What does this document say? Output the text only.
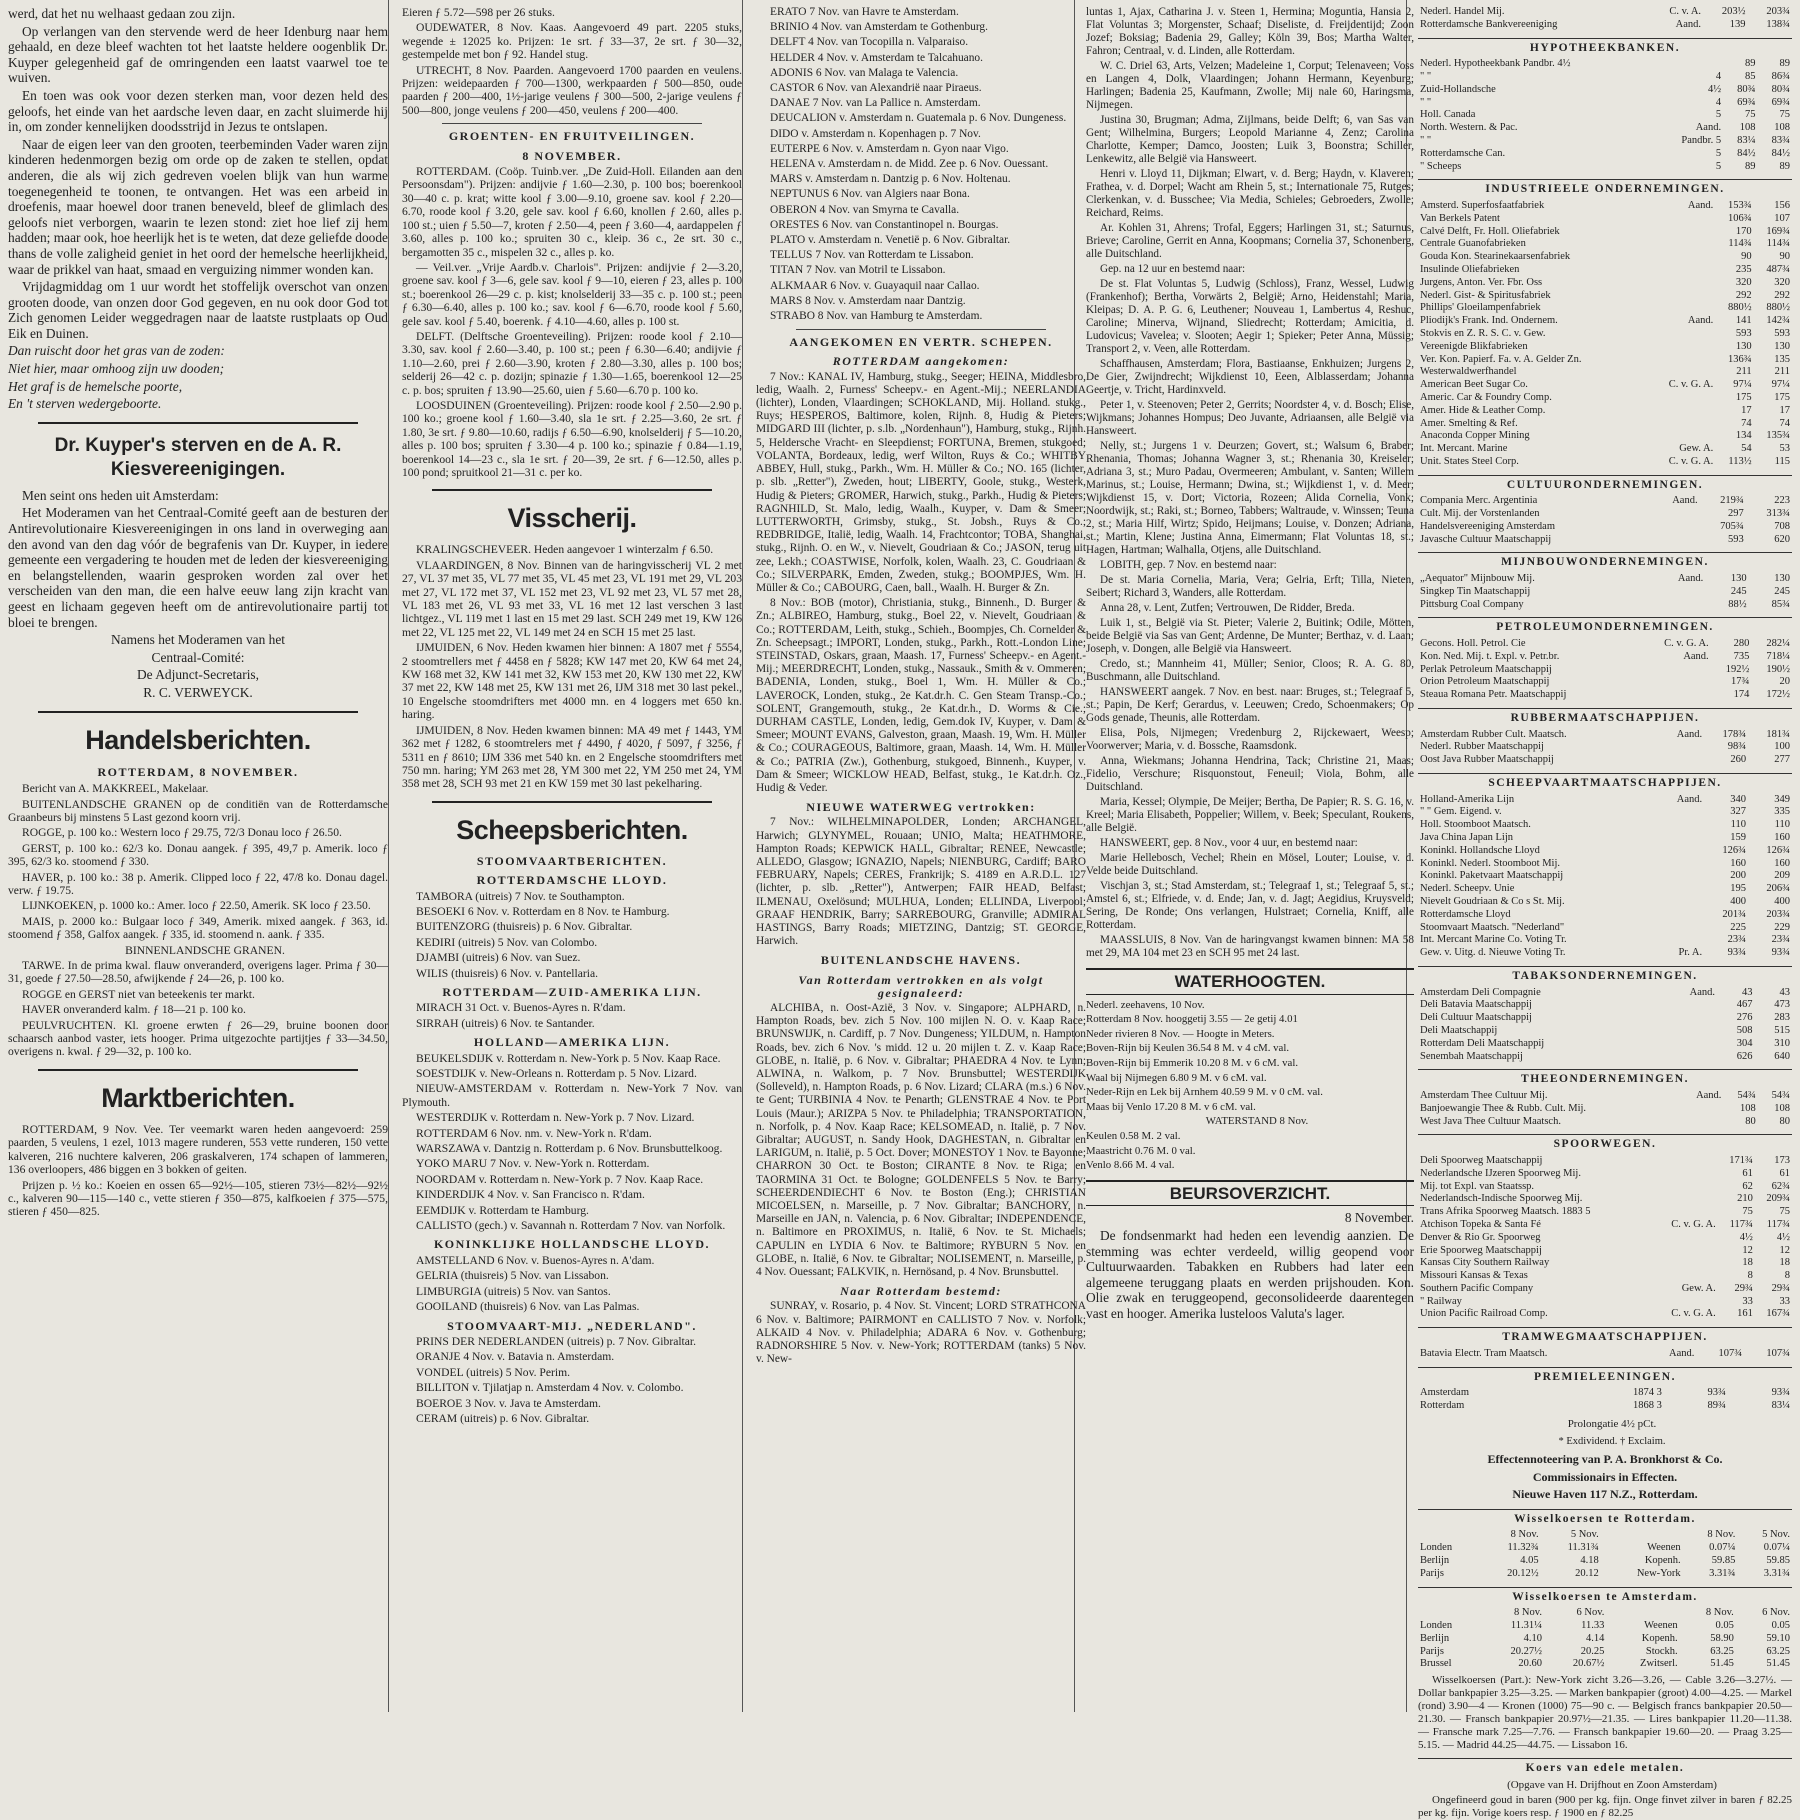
werd, dat het nu welhaast gedaan zou zijn.

Op verlangen van den stervende werd de heer Idenburg naar hem gehaald, en deze bleef wachten tot het laatste heldere oogenblik Dr. Kuyper gelegenheid gaf de omringenden een laatst vaarwel toe te wuiven.

En toen was ook voor dezen sterken man, voor dezen held des geloofs, het einde van het aardsche leven daar, en zacht sluimerde hij in, om zonder kennelijken doodsstrijd in Jezus te ontslapen.

Naar de eigen leer van den grooten, teerbeminden Vader waren zijn kinderen hedenmorgen bezig om orde op de zaken te stellen, opdat anderen, die als wij zich gedreven voelen blijk van hun warme toegenegenheid te toonen, te ontvangen. Het was een arbeid in droefenis, maar hoewel door tranen beneveld, bleef de glimlach des geloofs niet verborgen, waarin te lezen stond: ziet hoe lief zij hem hadden; maar ook, hoe heerlijk het is te weten, dat deze geliefde doode thans de volle zaligheid geniet in het oord der hemelsche heerlijkheid, waar de prikkel van haat, smaad en verguizing nimmer wonden kan.

Vrijdagmiddag om 1 uur wordt het stoffelijk overschot van onzen grooten doode, van onzen door God gegeven, en nu ook door God tot Zich genomen Leider weggedragen naar de laatste rustplaats op Oud Eik en Duinen.

Dan ruischt door het gras van de zoden:

Niet hier, maar omhoog zijn uw dooden;

Het graf is de hemelsche poorte,

En 't sterven wedergeboorte.

Dr. Kuyper's sterven en de A. R. Kiesvereenigingen.

Men seint ons heden uit Amsterdam:

Het Moderamen van het Centraal-Comité geeft aan de besturen der Antirevolutionaire Kiesvereenigingen in ons land in overweging aan den avond van den dag vóór de begrafenis van Dr. Kuyper, in iedere gemeente een vergadering te houden met de leden der kiesvereeniging en belangstellenden, waarin gesproken worden zal over het verscheiden van den man, die een halve eeuw lang zijn kracht van geest en lichaam gegeven heeft om de antirevolutionaire partij tot bloei te brengen.

Namens het Moderamen van het

Centraal-Comité:

De Adjunct-Secretaris,

R. C. VERWEYCK.

Handelsberichten.
ROTTERDAM, 8 NOVEMBER.

Bericht van A. MAKKREEL, Makelaar.

BUITENLANDSCHE GRANEN op de conditiën van de Rotterdamsche Graanbeurs bij minstens 5 Last gezond koorn vrij.

ROGGE, p. 100 ko.: Western loco ƒ 29.75, 72/3 Donau loco ƒ 26.50.

GERST, p. 100 ko.: 62/3 ko. Donau aangek. ƒ 395, 49,7 p. Amerik. loco ƒ 395, 62/3 ko. stoomend ƒ 330.

HAVER, p. 100 ko.: 38 p. Amerik. Clipped loco ƒ 22, 47/8 ko. Donau dagel. verw. ƒ 19.75.

LIJNKOEKEN, p. 1000 ko.: Amer. loco ƒ 22.50, Amerik. SK loco ƒ 23.50.

MAIS, p. 2000 ko.: Bulgaar loco ƒ 349, Amerik. mixed aangek. ƒ 363, id. stoomend ƒ 358, Galfox aangek. ƒ 335, id. stoomend n. aank. ƒ 335.

BINNENLANDSCHE GRANEN.

TARWE. In de prima kwal. flauw onveranderd, overigens lager. Prima ƒ 30—31, goede ƒ 27.50—28.50, afwijkende ƒ 24—26, p. 100 ko.

ROGGE en GERST niet van beteekenis ter markt.

HAVER onveranderd kalm. ƒ 18—21 p. 100 ko.

PEULVRUCHTEN. Kl. groene erwten ƒ 26—29, bruine boonen door schaarsch aanbod vaster, iets hooger. Prima uitgezochte partijtjes ƒ 33—34.50, overigens n. kwal. ƒ 29—32, p. 100 ko.

Marktberichten.

ROTTERDAM, 9 Nov. Vee. Ter veemarkt waren heden aangevoerd: 259 paarden, 5 veulens, 1 ezel, 1013 magere runderen, 553 vette runderen, 150 vette kalveren, 216 nuchtere kalveren, 206 graskalveren, 174 schapen of lammeren, 136 overloopers, 486 biggen en 3 bokken of geiten.

Prijzen p. ½ ko.: Koeien en ossen 65—92½—105, stieren 73½—82½—92½ c., kalveren 90—115—140 c., vette stieren ƒ 350—875, kalfkoeien ƒ 375—575, stieren ƒ 450—825.

Eieren ƒ 5.72—598 per 26 stuks.

OUDEWATER, 8 Nov. Kaas. Aangevoerd 49 part. 2205 stuks, wegende ± 12025 ko. Prijzen: 1e srt. ƒ 33—37, 2e srt. ƒ 30—32, gestempelde met bon ƒ 92. Handel stug.

UTRECHT, 8 Nov. Paarden. Aangevoerd 1700 paarden en veulens. Prijzen: weidepaarden ƒ 700—1300, werkpaarden ƒ 500—850, oude paarden ƒ 200—400, 1½-jarige veulens ƒ 300—500, 2-jarige veulens ƒ 500—800, jonge veulens ƒ 200—450, veulens ƒ 200—400.

GROENTEN- EN FRUITVEILINGEN.
8 NOVEMBER.

ROTTERDAM. (Coöp. Tuinb.ver. „De Zuid-Holl. Eilanden aan den Persoonsdam"). Prijzen: andijvie ƒ 1.60—2.30, p. 100 bos; boerenkool 30—40 c. p. krat; witte kool ƒ 3.00—9.10, groene sav. kool ƒ 2.20—6.70, roode kool ƒ 3.20, gele sav. kool ƒ 6.60, knollen ƒ 2.60, alles p. 100 st.; uien ƒ 5.50—7, kroten ƒ 2.50—4, peen ƒ 3.60—4, aardappelen ƒ 3.60, alles p. 100 ko.; spruiten 30 c., kleip. 36 c., 2e srt. 30 c., bergamotten 35 c., mispelen 32 c., alles p. ko.

— Veil.ver. „Vrije Aardb.v. Charlois". Prijzen: andijvie ƒ 2—3.20, groene sav. kool ƒ 3—6, gele sav. kool ƒ 9—10, eieren ƒ 23, alles p. 100 st.; boerenkool 26—29 c. p. kist; knolselderij 33—35 c. p. 100 st.; peen ƒ 6.30—6.40, alles p. 100 ko.; sav. kool ƒ 6—6.70, roode kool ƒ 5.60, gele sav. kool ƒ 5.40, boerenk. ƒ 4.10—4.60, alles p. 100 st.

DELFT. (Delftsche Groenteveiling). Prijzen: roode kool ƒ 2.10—3.30, sav. kool ƒ 2.60—3.40, p. 100 st.; peen ƒ 6.30—6.40; andijvie ƒ 1.10—2.60, prei ƒ 2.60—3.90, kroten ƒ 2.80—3.30, alles p. 100 bos; selderij 26—42 c. p. dozijn; spinazie ƒ 1.30—1.65, boerenkool 12—25 c. p. bos; spruiten ƒ 13.90—25.60, uien ƒ 5.60—6.70 p. 100 ko.

LOOSDUINEN (Groenteveiling). Prijzen: roode kool ƒ 2.50—2.90 p. 100 ko.; groene kool ƒ 1.60—3.40, sla 1e srt. ƒ 2.25—3.60, 2e srt. ƒ 1.80, 3e srt. ƒ 9.80—10.60, radijs ƒ 6.50—6.90, knolselderij ƒ 5—10.20, alles p. 100 bos; spruiten ƒ 3.30—4 p. 100 ko.; spinazie ƒ 0.84—1.19, boerenkool 14—23 c., sla 1e srt. ƒ 20—39, 2e srt. ƒ 6—12.50, alles p. 100 pond; spruitkool 21—31 c. per ko.

Visscherij.

KRALINGSCHEVEER. Heden aangevoer 1 winterzalm ƒ 6.50.

VLAARDINGEN, 8 Nov. Binnen van de haringvisscherij VL 2 met 27, VL 37 met 35, VL 77 met 35, VL 45 met 23, VL 191 met 29, VL 203 met 27, VL 172 met 37, VL 152 met 23, VL 92 met 23, VL 57 met 28, VL 183 met 26, VL 93 met 33, VL 16 met 12 last verschen 3 last lichtgez., VL 119 met 1 last en 15 met 29 last. SCH 249 met 19, KW 126 met 22, VL 125 met 22, VL 149 met 24 en SCH 15 met 25 last.

IJMUIDEN, 6 Nov. Heden kwamen hier binnen: A 1807 met ƒ 5554, 2 stoomtrellers met ƒ 4458 en ƒ 5828; KW 147 met 20, KW 64 met 24, KW 168 met 32, KW 141 met 32, KW 153 met 20, KW 130 met 22, KW 37 met 22, KW 148 met 25, KW 131 met 26, IJM 318 met 30 last pekel., 10 Engelsche stoomdrifters met 4000 mn. en 4 loggers met 650 kn. haring.

IJMUIDEN, 8 Nov. Heden kwamen binnen: MA 49 met ƒ 1443, YM 362 met ƒ 1282, 6 stoomtrelers met ƒ 4490, ƒ 4020, ƒ 5097, ƒ 3256, ƒ 5311 en ƒ 8610; IJM 336 met 540 kn. en 2 Engelsche stoomdrifters met 750 mn. haring; YM 263 met 28, YM 300 met 22, YM 250 met 24, YM 358 met 28, SCH 93 met 21 en KW 159 met 30 last pekelharing.

Scheepsberichten.
STOOMVAARTBERICHTEN.
ROTTERDAMSCHE LLOYD.

TAMBORA (uitreis) 7 Nov. te Southampton.

BESOEKI 6 Nov. v. Rotterdam en 8 Nov. te Hamburg.

BUITENZORG (thuisreis) p. 6 Nov. Gibraltar.

KEDIRI (uitreis) 5 Nov. van Colombo.

DJAMBI (uitreis) 6 Nov. van Suez.

WILIS (thuisreis) 6 Nov. v. Pantellaria.

ROTTERDAM—ZUID-AMERIKA LIJN.

MIRACH 31 Oct. v. Buenos-Ayres n. R'dam.

SIRRAH (uitreis) 6 Nov. te Santander.

HOLLAND—AMERIKA LIJN.

BEUKELSDIJK v. Rotterdam n. New-York p. 5 Nov. Kaap Race.

SOESTDIJK v. New-Orleans n. Rotterdam p. 5 Nov. Lizard.

NIEUW-AMSTERDAM v. Rotterdam n. New-York 7 Nov. van Plymouth.

WESTERDIJK v. Rotterdam n. New-York p. 7 Nov. Lizard.

ROTTERDAM 6 Nov. nm. v. New-York n. R'dam.

WARSZAWA v. Dantzig n. Rotterdam p. 6 Nov. Brunsbuttelkoog.

YOKO MARU 7 Nov. v. New-York n. Rotterdam.

NOORDAM v. Rotterdam n. New-York p. 7 Nov. Kaap Race.

KINDERDIJK 4 Nov. v. San Francisco n. R'dam.

EEMDIJK v. Rotterdam te Hamburg.

CALLISTO (gech.) v. Savannah n. Rotterdam 7 Nov. van Norfolk.

KONINKLIJKE HOLLANDSCHE LLOYD.

AMSTELLAND 6 Nov. v. Buenos-Ayres n. A'dam.

GELRIA (thuisreis) 5 Nov. van Lissabon.

LIMBURGIA (uitreis) 5 Nov. van Santos.

GOOILAND (thuisreis) 6 Nov. van Las Palmas.

STOOMVAART-MIJ. „NEDERLAND".

PRINS DER NEDERLANDEN (uitreis) p. 7 Nov. Gibraltar.

ORANJE 4 Nov. v. Batavia n. Amsterdam.

VONDEL (uitreis) 5 Nov. Perim.

BILLITON v. Tjilatjap n. Amsterdam 4 Nov. v. Colombo.

BOEROE 3 Nov. v. Java te Amsterdam.

CERAM (uitreis) p. 6 Nov. Gibraltar.

ERATO 7 Nov. van Havre te Amsterdam.

BRINIO 4 Nov. van Amsterdam te Gothenburg.

DELFT 4 Nov. van Tocopilla n. Valparaiso.

HELDER 4 Nov. v. Amsterdam te Talcahuano.

ADONIS 6 Nov. van Malaga te Valencia.

CASTOR 6 Nov. van Alexandrië naar Piraeus.

DANAE 7 Nov. van La Pallice n. Amsterdam.

DEUCALION v. Amsterdam n. Guatemala p. 6 Nov. Dungeness.

DIDO v. Amsterdam n. Kopenhagen p. 7 Nov.

EUTERPE 6 Nov. v. Amsterdam n. Gyon naar Vigo.

HELENA v. Amsterdam n. de Midd. Zee p. 6 Nov. Ouessant.

MARS v. Amsterdam n. Dantzig p. 6 Nov. Holtenau.

NEPTUNUS 6 Nov. van Algiers naar Bona.

OBERON 4 Nov. van Smyrna te Cavalla.

ORESTES 6 Nov. van Constantinopel n. Bourgas.

PLATO v. Amsterdam n. Venetië p. 6 Nov. Gibraltar.

TELLUS 7 Nov. van Rotterdam te Lissabon.

TITAN 7 Nov. van Motril te Lissabon.

ALKMAAR 6 Nov. v. Guayaquil naar Callao.

MARS 8 Nov. v. Amsterdam naar Dantzig.

STRABO 8 Nov. van Hamburg te Amsterdam.

AANGEKOMEN EN VERTR. SCHEPEN.
ROTTERDAM aangekomen:

7 Nov.: KANAL IV, Hamburg, stukg., Seeger; HEINA, Middlesbro, ledig, Waalh. 2, Furness' Scheepv.- en Agent.-Mij.; NEERLANDIA (lichter), Londen, Vlaardingen; SCHOKLAND, Mij. Holland. stukg., Ruys; HESPEROS, Baltimore, kolen, Rijnh. 8, Hudig & Pieters; MIDGARD III (lichter, p. s.lb. „Nordenhaun"), Hamburg, stukg., Rijnh. 5, Heldersche Vracht- en Sleepdienst; FORTUNA, Bremen, stukgoed; VOLANTA, Bordeaux, ledig, werf Wilton, Ruys & Co.; WHITBY ABBEY, Hull, stukg., Parkh., Wm. H. Müller & Co.; NO. 165 (lichter, p. slb. „Retter"), Zweden, hout; LIBERTY, Goole, stukg., Westerk, Hudig & Pieters; GROMER, Harwich, stukg., Parkh., Hudig & Pieters; RAGNHILD, St. Malo, ledig, Waalh., Kuyper, v. Dam & Smeer; LUTTERWORTH, Grimsby, stukg., St. Jobsh., Ruys & Co.; REDBRIDGE, Italië, ledig, Waalh. 14, Frachtcontor; TOBA, Shanghai, stukg., Rijnh. O. en W., v. Nievelt, Goudriaan & Co.; JASON, terug uit zee, Lekh.; COASTWISE, Norfolk, kolen, Waalh. 23, C. Goudriaan & Co.; SILVERPARK, Emden, Zweden, stukg.; BOOMPJES, Wm. H. Müller & Co.; CABOURG, Caen, ball., Waalh. H. Burger & Zn.

8 Nov.: BOB (motor), Christiania, stukg., Binnenh., D. Burger & Zn.; ALBIREO, Hamburg, stukg., Boel 22, v. Nievelt, Goudriaan & Co.; ROTTERDAM, Leith, stukg., Schieh., Boompjes, Ch. Cornelder & Zn. Scheepsagt.; IMPORT, Londen, stukg., Parkh., Rott.-London Line; STEINSTAD, Oskars, graan, Maash. 17, Furness' Scheepv.- en Agent.-Mij.; MEERDRECHT, Londen, stukg., Nassauk., Smith & v. Ommeren; BADENIA, Londen, stukg., Boel 1, Wm. H. Müller & Co.; LAVEROCK, Londen, stukg., 2e Kat.dr.h. C. Gen Steam Transp.-Co.; SOLENT, Grangemouth, stukg., 2e Kat.dr.h., D. Worms & Cie.; DURHAM CASTLE, Londen, ledig, Gem.dok IV, Kuyper, v. Dam & Smeer; MOUNT EVANS, Galveston, graan, Maash. 19, Wm. H. Müller & Co.; COURAGEOUS, Baltimore, graan, Maash. 14, Wm. H. Müller & Co.; PATRIA (Zw.), Gothenburg, stukgoed, Binnenh., Kuyper, v. Dam & Smeer; WICKLOW HEAD, Belfast, stukg., 1e Kat.dr.h. Oz., Hudig & Veder.

NIEUWE WATERWEG vertrokken:

7 Nov.: WILHELMINAPOLDER, Londen; ARCHANGEL, Harwich; GLYNYMEL, Rouaan; UNIO, Malta; HEATHMORE, Hampton Roads; KEPWICK HALL, Gibraltar; RENEE, Newcastle; ALLEDO, Glasgow; IGNAZIO, Napels; NIENBURG, Cardiff; BARO FEBRUARY, Napels; CERES, Frankrijk; S. 4189 en A.R.D.L. 127 (lichter, p. slb. „Retter"), Antwerpen; FAIR HEAD, Belfast; ILMENAU, Oxelösund; MULHUA, Londen; ELLINDA, Liverpool; GRAAF HENDRIK, Barry; SARREBOURG, Granville; ADMIRAL HASTINGS, Barry Roads; MIETZING, Dantzig; ST. GEORGE, Harwich.

BUITENLANDSCHE HAVENS.
Van Rotterdam vertrokken en als volgt gesignaleerd:

ALCHIBA, n. Oost-Azië, 3 Nov. v. Singapore; ALPHARD, n. Hampton Roads, bev. zich 5 Nov. 100 mijlen N. O. v. Kaap Race; BRUNSWIJK, n. Cardiff, p. 7 Nov. Dungeness; YILDUM, n. Hampton Roads, bev. zich 6 Nov. 's midd. 12 u. 20 mijlen t. Z. v. Kaap Race; GLOBE, n. Italië, p. 6 Nov. v. Gibraltar; PHAEDRA 4 Nov. te Lynn; ALWINA, n. Walkom, p. 7 Nov. Brunsbuttel; WESTERDIJK (Solleveld), n. Hampton Roads, p. 6 Nov. Lizard; CLARA (m.s.) 6 Nov. te Gent; TURBINIA 4 Nov. te Penarth; GLENSTRAE 4 Nov. te Port Louis (Maur.); ARIZPA 5 Nov. te Philadelphia; TRANSPORTATION, n. Norfolk, p. 4 Nov. Kaap Race; KELSOMEAD, n. Italië, p. 7 Nov. Gibraltar; AUGUST, n. Sandy Hook, DAGHESTAN, n. Gibraltar en LARIGUM, n. Italië, p. 5 Oct. Dover; MONESTOY 1 Nov. te Bayonne; CHARRON 30 Oct. te Boston; CIRANTE 8 Nov. te Riga; en TAORMINA 31 Oct. te Bologne; GOLDENFELS 5 Nov. te Barry; SCHEERDENDIECHT 6 Nov. te Boston (Eng.); CHRISTIAN MICOELSEN, n. Marseille, p. 7 Nov. Gibraltar; BANCHORY, n. Marseille en JAN, n. Valencia, p. 6 Nov. Gibraltar; INDEPENDENCE, n. Baltimore en PROXIMUS, n. Italië, 6 Nov. te St. Michaels; CAPULIN en LYDIA 6 Nov. te Baltimore; RYBURN 5 Nov. en GLOBE, n. Italië, 6 Nov. te Gibraltar; NOLISEMENT, n. Marseille, p. 4 Nov. Ouessant; FALKVIK, n. Hernösand, p. 4 Nov. Brunsbuttel.

Naar Rotterdam bestemd:

SUNRAY, v. Rosario, p. 4 Nov. St. Vincent; LORD STRATHCONA 6 Nov. v. Baltimore; PAIRMONT en CALLISTO 7 Nov. v. Norfolk; ALKAID 4 Nov. v. Philadelphia; ADARA 6 Nov. v. Gothenburg; RADNORSHIRE 5 Nov. v. New-York; ROTTERDAM (tanks) 5 Nov. v. New-

luntas 1, Ajax, Catharina J. v. Steen 1, Hermina; Moguntia, Hansia 2, Flat Voluntas 3; Morgenster, Schaaf; Diseliste, d. Freijdentijd; Zoon Jozef; Boksiag; Badenia 29, Galley; Köln 39, Bos; Martha Walter, Fahron; Centraal, v. d. Linden, alle Rotterdam.

W. C. Driel 63, Arts, Velzen; Madeleine 1, Corput; Telenaveen; Voss en Langen 4, Dolk, Vlaardingen; Johann Hermann, Keyenburg; Harlingen; Badenia 25, Kaufmann, Zwolle; Mij nale 60, Haringsma, Nijmegen.

Justina 30, Brugman; Adma, Zijlmans, beide Delft; 6, van Sas van Gent; Wilhelmina, Burgers; Leopold Marianne 4, Zenz; Carolina Charlotte, Kemper; Damco, Joosten; Luik 3, Boonstra; Schiller, Lenkewitz, alle België via Hansweert.

Henri v. Lloyd 11, Dijkman; Elwart, v. d. Berg; Haydn, v. Klaveren; Frathea, v. d. Dorpel; Wacht am Rhein 5, st.; Internationale 75, Rutges; Clerkenkan, v. d. Busschee; Via Media, Schieles; Gebroeders, Zwolle; Reichard, Reims.

Ar. Kohlen 31, Ahrens; Trofal, Eggers; Harlingen 31, st.; Saturnus, Brieve; Caroline, Gerrit en Anna, Koopmans; Cornelia 37, Schonenberg, alle Duitschland.

Gep. na 12 uur en bestemd naar:

De st. Flat Voluntas 5, Ludwig (Schloss), Franz, Wessel, Ludwig (Frankenhof); Bertha, Vorwärts 2, België; Arno, Heidenstahl; Maria, Kleipas; D. A. P. G. 6, Leuthener; Nouveau 1, Lambertus 4, Reshuc, Caroline; Minerva, Wijnand, Sliedrecht; Rotterdam; Amicitia, d. Ludovicus; Vavelea; v. Slooten; Aegir 1; Spieker; Peter Anna, Müssig; Transport 2, v. Veen, alle Rotterdam.

Schaffhausen, Amsterdam; Flora, Bastiaanse, Enkhuizen; Jurgens 2, De Gier, Zwijndrecht; Wijkdienst 10, Eeen, Alblasserdam; Johanna Geertje, v. Tricht, Hardinxveld.

Peter 1, v. Steenoven; Peter 2, Gerrits; Noordster 4, v. d. Bosch; Elise, Wijkmans; Johannes Hompus; Deo Juvante, Adriaansen, alle België via Hansweert.

Nelly, st.; Jurgens 1 v. Deurzen; Govert, st.; Walsum 6, Braber; Rhenania, Thomas; Johanna Wagner 3, st.; Rhenania 30, Kreiseler; Adriana 3, st.; Muro Padau, Overmeeren; Ambulant, v. Santen; Willem Marinus, st.; Louise, Hermann; Dwina, st.; Wijkdienst 1, v. d. Meer; Wijkdienst 15, v. Dort; Victoria, Rozeen; Alida Cornelia, Vonk; Noordwijk, st.; Raki, st.; Borneo, Tabbers; Waltraude, v. Winssen; Teuna 2, st.; Maria Hilf, Wirtz; Spido, Heijmans; Louise, v. Donzen; Adriana, st.; Martin, Klene; Justina Anna, Eimermann; Flat Voluntas 18, st.; Hagen, Hartman; Walhalla, Otjens, alle Duitschland.

LOBITH, gep. 7 Nov. en bestemd naar:

De st. Maria Cornelia, Maria, Vera; Gelria, Erft; Tilla, Nieten, Seibert; Richard 3, Wanders, alle Rotterdam.

Anna 28, v. Lent, Zutfen; Vertrouwen, De Ridder, Breda.

Luik 1, st., België via St. Pieter; Valerie 2, Buitink; Odile, Mötten, beide België via Sas van Gent; Ardenne, De Munter; Berthaz, v. d. Laan; Joseph, v. Dongen, alle België via Hansweert.

Credo, st.; Mannheim 41, Müller; Senior, Cloos; R. A. G. 80, Buschmann, alle Duitschland.

HANSWEERT aangek. 7 Nov. en best. naar: Bruges, st.; Telegraaf 5, st.; Papin, De Kerf; Gerardus, v. Leeuwen; Credo, Schoenmakers; Op Gods genade, Theunis, alle Rotterdam.

Elisa, Pols, Nijmegen; Vredenburg 2, Rijckewaert, Weesp; Voorwerver; Maria, v. d. Bossche, Raamsdonk.

Anna, Wiekmans; Johanna Hendrina, Tack; Christine 21, Maas; Fidelio, Verschure; Risquonstout, Feneuil; Viola, Bohm, alle Duitschland.

Maria, Kessel; Olympie, De Meijer; Bertha, De Papier; R. S. G. 16, v. Kreel; Maria Elisabeth, Poppelier; Willem, v. Beek; Speculant, Roukens, alle België.

HANSWEERT, gep. 8 Nov., voor 4 uur, en bestemd naar:

Marie Hellebosch, Vechel; Rhein en Mösel, Louter; Louise, v. d. Velde beide Duitschland.

Vischjan 3, st.; Stad Amsterdam, st.; Telegraaf 1, st.; Telegraaf 5, st.; Amstel 6, st.; Elfriede, v. d. Ende; Jan, v. d. Jagt; Aegidius, Kruysveld; Sering, De Ronde; Ons verlangen, Hulstraet; Cornelia, Kniff, alle Rotterdam.

MAASSLUIS, 8 Nov. Van de haringvangst kwamen binnen: MA 58 met 29, MA 104 met 23 en SCH 95 met 24 last.

WATERHOOGTEN.

Nederl. zeehavens, 10 Nov.

Rotterdam 8 Nov. hooggetij 3.55 — 2e getij 4.01

Neder rivieren 8 Nov. — Hoogte in Meters.

Boven-Rijn bij Keulen 36.54 8 M. v 4 cM. val.

Boven-Rijn bij Emmerik 10.20 8 M. v 6 cM. val.

Waal bij Nijmegen 6.80 9 M. v 6 cM. val.

Neder-Rijn en Lek bij Arnhem 40.59 9 M. v 0 cM. val.

Maas bij Venlo 17.20 8 M. v 6 cM. val.

WATERSTAND 8 Nov.

Keulen 0.58 M. 2 val.

Maastricht 0.76 M. 0 val.

Venlo 8.66 M. 4 val.

BEURSOVERZICHT.

8 November.

De fondsenmarkt had heden een levendig aanzien. De stemming was echter verdeeld, willig geopend voor Cultuurwaarden. Tabakken en Rubbers had later een algemeene teruggang plaats en werden prijshouden. Kon. Olie zwak en teruggeopend, geconsolideerde daarentegen vast en hooger. Amerika lusteloos Valuta's lager.

Nederl. Handel Mij.	C. v. A.	203½	203¾
Rotterdamsche Bankvereeniging	Aand.	139	138¾
HYPOTHEEKBANKEN.
Nederl. Hypotheekbank Pandbr. 4½		89	89
" "	4	85	86¾
Zuid-Hollandsche	4½	80¾	80¾
" "	4	69¾	69¾
Holl. Canada	5	75	75
North. Western. & Pac.	Aand.	108	108
" "	Pandbr. 5	83¼	83¾
Rotterdamsche Can.	5	84½	84½
" Scheeps	5	89	89
INDUSTRIEELE ONDERNEMINGEN.
Amsterd. Superfosfaatfabriek	Aand.	153¾	156
Van Berkels Patent		106¾	107
Calvé Delft, Fr. Holl. Oliefabriek		170	169¾
Centrale Guanofabrieken		114¾	114¾
Gouda Kon. Stearinekaarsenfabriek		90	90
Insulinde Oliefabrieken		235	487¾
Jurgens, Anton. Ver. Fbr. Oss		320	320
Nederl. Gist- & Spiritusfabriek		292	292
Phillips' Gloeilampenfabriek		880½	880½
Pliodijk's Frank. Ind. Ondernem.	Aand.	141	142¾
Stokvis en Z. R. S. C. v. Gew.		593	593
Vereenigde Blikfabrieken		130	130
Ver. Kon. Papierf. Fa. v. A. Gelder Zn.		136¾	135
Westerwaldwerfhandel		211	211
American Beet Sugar Co.	C. v. G. A.	97¼	97¼
Americ. Car & Foundry Comp.		175	175
Amer. Hide & Leather Comp.		17	17
Amer. Smelting & Ref.		74	74
Anaconda Copper Mining		134	135¾
Int. Mercant. Marine	Gew. A.	54	53
Unit. States Steel Corp.	C. v. G. A.	113½	115
CULTUURONDERNEMINGEN.
Compania Merc. Argentinia	Aand.	219¾	223
Cult. Mij. der Vorstenlanden		297	313¾
Handelsvereeniging Amsterdam		705¾	708
Javasche Cultuur Maatschappij		593	620
MIJNBOUWONDERNEMINGEN.
„Aequator" Mijnbouw Mij.	Aand.	130	130
Singkep Tin Maatschappij		245	245
Pittsburg Coal Company		88½	85¾
PETROLEUMONDERNEMINGEN.
Gecons. Holl. Petrol. Cie	C. v. G. A.	280	282¼
Kon. Ned. Mij. t. Expl. v. Petr.br.	Aand.	735	718¼
Perlak Petroleum Maatschappij		192½	190½
Orion Petroleum Maatschappij		17¾	20
Steaua Romana Petr. Maatschappij		174	172½
RUBBERMAATSCHAPPIJEN.
Amsterdam Rubber Cult. Maatsch.	Aand.	178¾	181¾
Nederl. Rubber Maatschappij		98¾	100
Oost Java Rubber Maatschappij		260	277
SCHEEPVAARTMAATSCHAPPIJEN.
Holland-Amerika Lijn	Aand.	340	349
" " Gem. Eigend. v.		327	335
Holl. Stoomboot Maatsch.		110	110
Java China Japan Lijn		159	160
Koninkl. Hollandsche Lloyd		126¾	126¾
Koninkl. Nederl. Stoomboot Mij.		160	160
Koninkl. Paketvaart Maatschappij		200	209
Nederl. Scheepv. Unie		195	206¾
Nievelt Goudriaan & Co s St. Mij.		400	400
Rotterdamsche Lloyd		201¾	203¾
Stoomvaart Maatsch. "Nederland"		225	229
Int. Mercant Marine Co. Voting Tr.		23¾	23¾
Gew. v. Uitg. d. Nieuwe Voting Tr.	Pr. A.	93¾	93¾
TABAKSONDERNEMINGEN.
Amsterdam Deli Compagnie	Aand.	43	43
Deli Batavia Maatschappij		467	473
Deli Cultuur Maatschappij		276	283
Deli Maatschappij		508	515
Rotterdam Deli Maatschappij		304	310
Senembah Maatschappij		626	640
THEEONDERNEMINGEN.
Amsterdam Thee Cultuur Mij.	Aand.	54¾	54¾
Banjoewangie Thee & Rubb. Cult. Mij.		108	108
West Java Thee Cultuur Maatsch.		80	80
SPOORWEGEN.
Deli Spoorweg Maatschappij		171¾	173
Nederlandsche IJzeren Spoorweg Mij.		61	61
Mij. tot Expl. van Staatssp.		62	62¾
Nederlandsch-Indische Spoorweg Mij.		210	209¾
Trans Afrika Spoorweg Maatsch. 1883 5		75	75
Atchison Topeka & Santa Fé	C. v. G. A.	117¾	117¾
Denver & Rio Gr. Spoorweg		4½	4½
Erie Spoorweg Maatschappij		12	12
Kansas City Southern Railway		18	18
Missouri Kansas & Texas		8	8
Southern Pacific Company	Gew. A.	29¾	29¾
" Railway		33	33
Union Pacific Railroad Comp.	C. v. G. A.	161	167¾
TRAMWEGMAATSCHAPPIJEN.
Batavia Electr. Tram Maatsch.	Aand.	107¾	107¾
PREMIELEENINGEN.
Amsterdam	1874 3	93¾	93¾
Rotterdam	1868 3	89¾	83¼

Prolongatie 4½ pCt.

* Exdividend. † Exclaim.

Effectennoteering van P. A. Bronkhorst & Co.

Commissionairs in Effecten.

Nieuwe Haven 117 N.Z., Rotterdam.

Wisselkoersen te Rotterdam.
	8 Nov.	5 Nov.		8 Nov.	5 Nov.
Londen	11.32¾	11.31¾	Weenen	0.07¼	0.07¼
Berlijn	4.05	4.18	Kopenh.	59.85	59.85
Parijs	20.12½	20.12	New-York	3.31¾	3.31¾
Wisselkoersen te Amsterdam.
	8 Nov.	6 Nov.		8 Nov.	6 Nov.
Londen	11.31¼	11.33	Weenen	0.05	0.05
Berlijn	4.10	4.14	Kopenh.	58.90	59.10
Parijs	20.27½	20.25	Stockh.	63.25	63.25
Brussel	20.60	20.67½	Zwitserl.	51.45	51.45

Wisselkoersen (Part.): New-York zicht 3.26—3.26, — Cable 3.26—3.27½. — Dollar bankpapier 3.25—3.25. — Marken bankpapier (groot) 4.00—4.25. — Markel (rond) 3.90—4 — Kronen (1000) 75—90 c. — Belgisch francs bankpapier 20.50—21.30. — Fransch bankpapier 20.97½—21.35. — Lires bankpapier 11.20—11.38. — Fransche mark 7.25—7.76. — Fransch bankpapier 19.60—20. — Praag 3.25—5.15. — Madrid 44.25—44.75. — Lissabon 16.

Koers van edele metalen.

(Opgave van H. Drijfhout en Zoon Amsterdam)

Ongefineerd goud in baren (900 per kg. fijn. Onge finvet zilver in baren ƒ 82.25 per kg. fijn. Vorige koers resp. ƒ 1900 en ƒ 82.25
